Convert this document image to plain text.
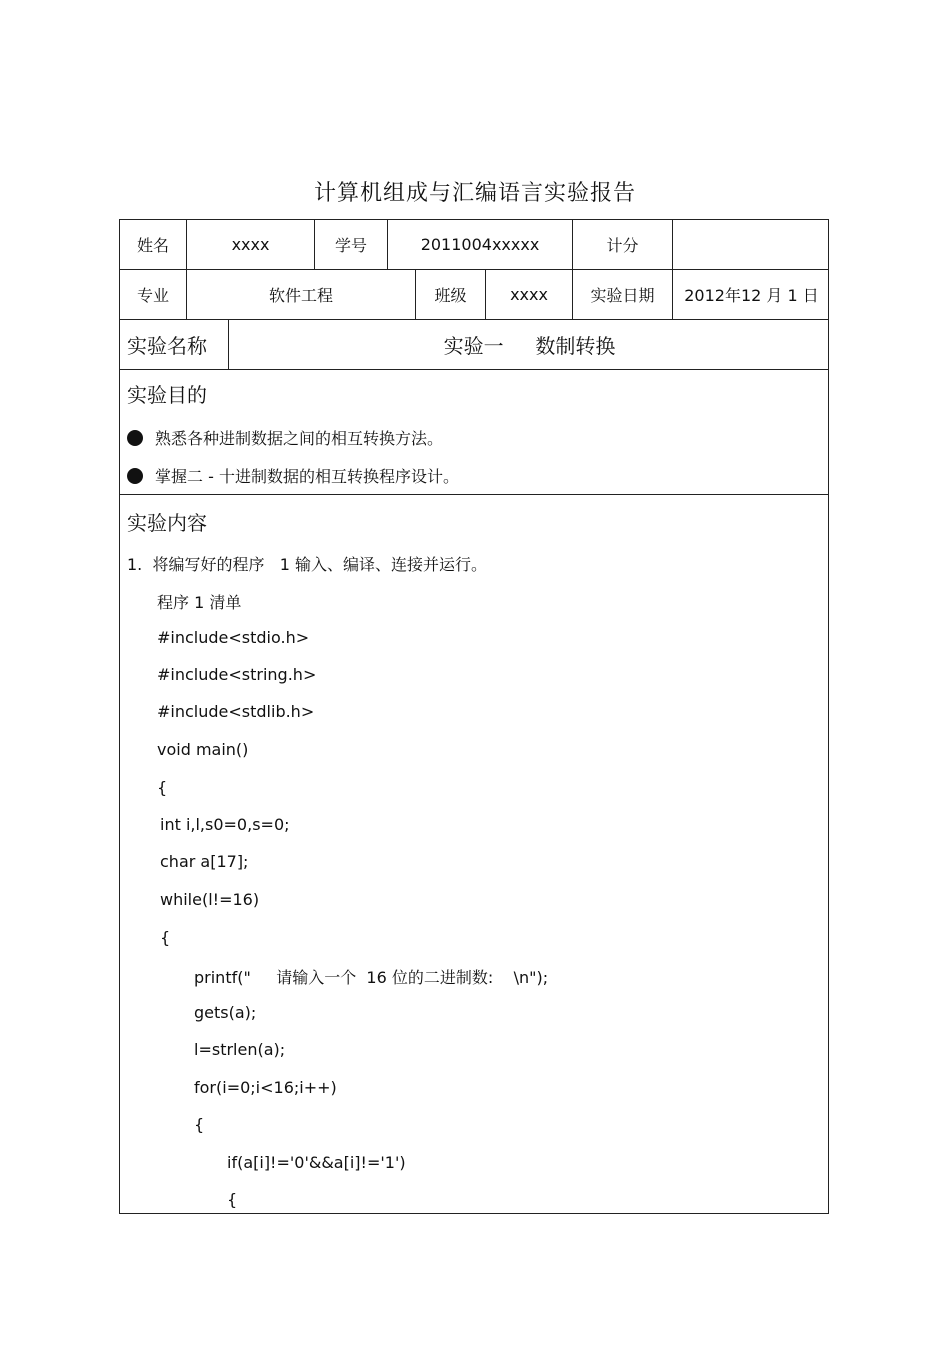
计算机组成与汇编语言实验报告
姓名	xxxx	学号	2011004xxxxx	计分
专业	软件工程	班级	xxxx	实验日期	2012年12 月 1 日
实验名称	实验一     数制转换
实验目的
熟悉各种进制数据之间的相互转换方法。
掌握二 - 十进制数据的相互转换程序设计。
实验内容
1.  将编写好的程序   1 输入、编译、连接并运行。
程序 1 清单
#include<stdio.h>
#include<string.h>
#include<stdlib.h>
void main()
{
int i,l,s0=0,s=0;
char a[17];
while(l!=16)
{
printf("     请输入一个  16 位的二进制数:    \n");
gets(a);
l=strlen(a);
for(i=0;i<16;i++)
{
if(a[i]!='0'&&a[i]!='1')
{
